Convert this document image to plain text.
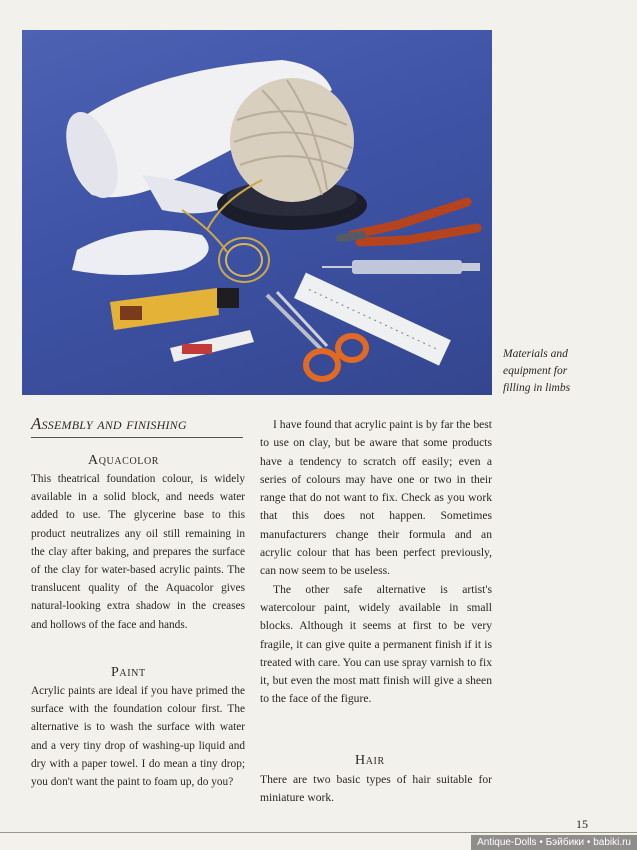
Materials and
equipment for
filling in limbs
Assembly and finishing
Aquacolor

This theatrical foundation colour, is widely available in a solid block, and needs water added to use. The glycerine base to this product neutralizes any oil still remaining in the clay after baking, and prepares the surface of the clay for water-based acrylic paints. The translucent quality of the Aquacolor gives natural-looking extra shadow in the creases and hollows of the face and hands.

Paint

Acrylic paints are ideal if you have primed the surface with the foundation colour first. The alternative is to wash the surface with water and a very tiny drop of washing-up liquid and dry with a paper towel. I do mean a tiny drop; you don't want the paint to foam up, do you?

I have found that acrylic paint is by far the best to use on clay, but be aware that some products have a tendency to scratch off easily; even a series of colours may have one or two in their range that do not want to fix. Check as you work that this does not happen. Sometimes manufacturers change their formula and an acrylic colour that has been perfect previously, can now seem to be useless.

The other safe alternative is artist's watercolour paint, widely available in small blocks. Although it seems at first to be very fragile, it can give quite a permanent finish if it is treated with care. You can use spray varnish to fix it, but even the most matt finish will give a sheen to the face of the figure.

Hair

There are two basic types of hair suitable for miniature work.

15
Antique-Dolls • Бэйбики • babiki.ru
